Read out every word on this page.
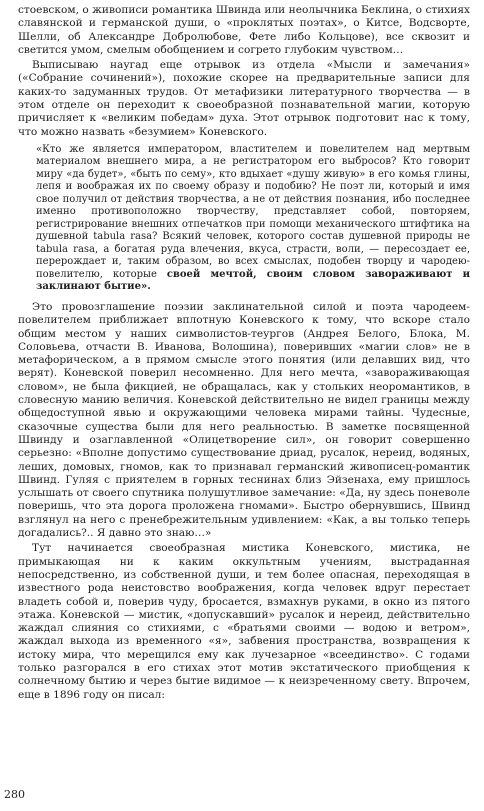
стоевском, о живописи романтика Швинда или неолычника Беклина, о стихиях славянской и германской души, о «проклятых поэтах», о Китсе, Водсворте, Шелли, об Александре Добролюбове, Фете либо Кольцове), все сквозит и светится умом, смелым обобщением и согрето глубоким чувством…

Выписываю наугад еще отрывок из отдела «Мысли и замечания» («Собрание сочинений»), похожие скорее на предварительные записи для каких-то задуманных трудов. От метафизики литературного творчества — в этом отделе он переходит к своеобразной познавательной магии, которую причисляет к «великим победам» духа. Этот отрывок подготовит нас к тому, что можно назвать «безумием» Коневского.

«Кто же является императором, властителем и повелителем над мертвым материалом внешнего мира, а не регистратором его выбросов? Кто говорит миру «да будет», «быть по сему», кто вдыхает «душу живую» в его комья глины, лепя и воображая их по своему образу и подобию? Не поэт ли, который и имя свое получил от действия творчества, а не от действия познания, ибо последнее именно противоположно творчеству, представляет собой, повторяем, регистрирование внешних отпечатков при помощи механического штифтика на душевной tabula rasa? Всякий человек, которого состав душевной природы не tabula rasa, а богатая руда влечения, вкуса, страсти, воли, — пересоздает ее, перерождает и, таким образом, во всех смыслах, подобен творцу и чародею-повелителю, которые своей мечтой, своим словом завораживают и заклинают бытие».

Это провозглашение поэзии заклинательной силой и поэта чародеем-повелителем приближает вплотную Коневского к тому, что вскоре стало общим местом у наших символистов-теургов (Андрея Белого, Блока, М. Соловьева, отчасти В. Иванова, Волошина), поверивших «магии слов» не в метафорическом, а в прямом смысле этого понятия (или делавших вид, что верят). Коневской поверил несомненно. Для него мечта, «завораживающая словом», не была фикцией, не обращалась, как у стольких неоромантиков, в словесную манию величия. Коневской действительно не видел границы между общедоступной явью и окружающими человека мирами тайны. Чудесные, сказочные существа были для него реальностью. В заметке посвященной Швинду и озаглавленной «Олицетворение сил», он говорит совершенно серьезно: «Вполне допустимо существование дриад, русалок, нереид, водяных, леших, домовых, гномов, как то признавал германский живописец-романтик Швинд. Гуляя с приятелем в горных теснинах близ Эйзенаха, ему пришлось услышать от своего спутника полушутливое замечание: «Да, ну здесь поневоле поверишь, что эта дорога проложена гномами». Быстро обернувшись, Швинд взглянул на него с пренебрежительным удивлением: «Как, а вы только теперь догадались?.. Я давно это знаю…»

Тут начинается своеобразная мистика Коневского, мистика, не примыкающая ни к каким оккультным учениям, выстраданная непосредственно, из собственной души, и тем более опасная, переходящая в известного рода неистовство воображения, когда человек вдруг перестает владеть собой и, поверив чуду, бросается, взмахнув руками, в окно из пятого этажа. Коневской — мистик, «допускавший» русалок и нереид, действительно жаждал слияния со стихиями, с «братьями своими — водою и ветром», жаждал выхода из временного «я», забвения пространства, возвращения к истоку мира, что мерещился ему как лучезарное «всеединство». С годами только разгорался в его стихах этот мотив экстатического приобщения к солнечному бытию и через бытие видимое — к неизреченному свету. Впрочем, еще в 1896 году он писал:

280
